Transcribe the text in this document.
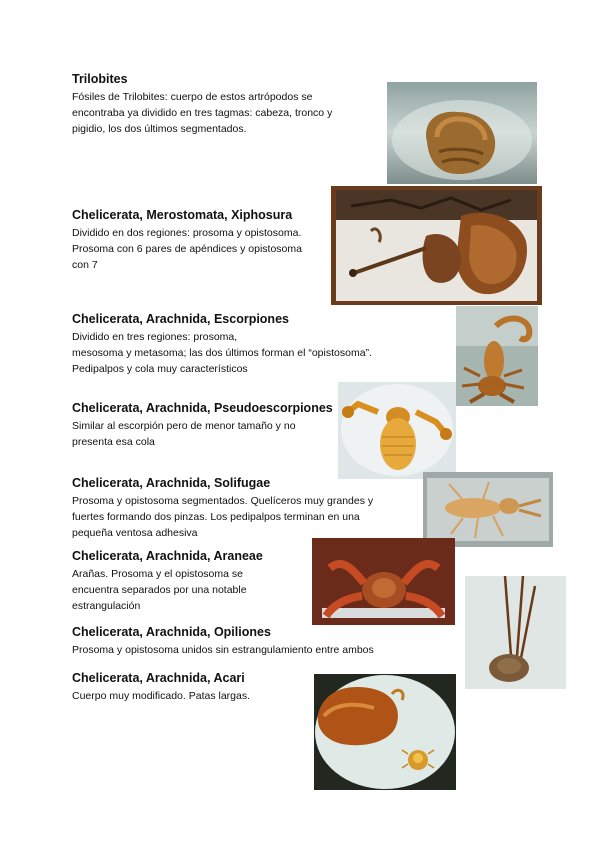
Trilobites

Fósiles de Trilobites: cuerpo de estos artrópodos se
encontraba ya dividido en tres tagmas: cabeza, tronco y
pigidio, los dos últimos segmentados.

Chelicerata, Merostomata, Xiphosura

Dividido en dos regiones: prosoma y opistosoma.
Prosoma con 6 pares de apéndices y opistosoma
con 7

Chelicerata, Arachnida, Escorpiones

Dividido en tres regiones: prosoma,
mesosoma y metasoma; las dos últimos forman el “opistosoma”.
Pedipalpos y cola muy característicos

Chelicerata, Arachnida, Pseudoescorpiones

Similar al escorpión pero de menor tamaño y no
presenta esa cola

Chelicerata, Arachnida, Solifugae

Prosoma y opistosoma segmentados. Quelíceros muy grandes y
fuertes formando dos pinzas. Los pedipalpos terminan en una
pequeña ventosa adhesiva

Chelicerata, Arachnida, Araneae

Arañas. Prosoma y el opistosoma se
encuentra separados por una notable
estrangulación

Chelicerata, Arachnida, Opiliones

Prosoma y opistosoma unidos sin estrangulamiento entre ambos

Chelicerata, Arachnida, Acari

Cuerpo muy modificado. Patas largas.
